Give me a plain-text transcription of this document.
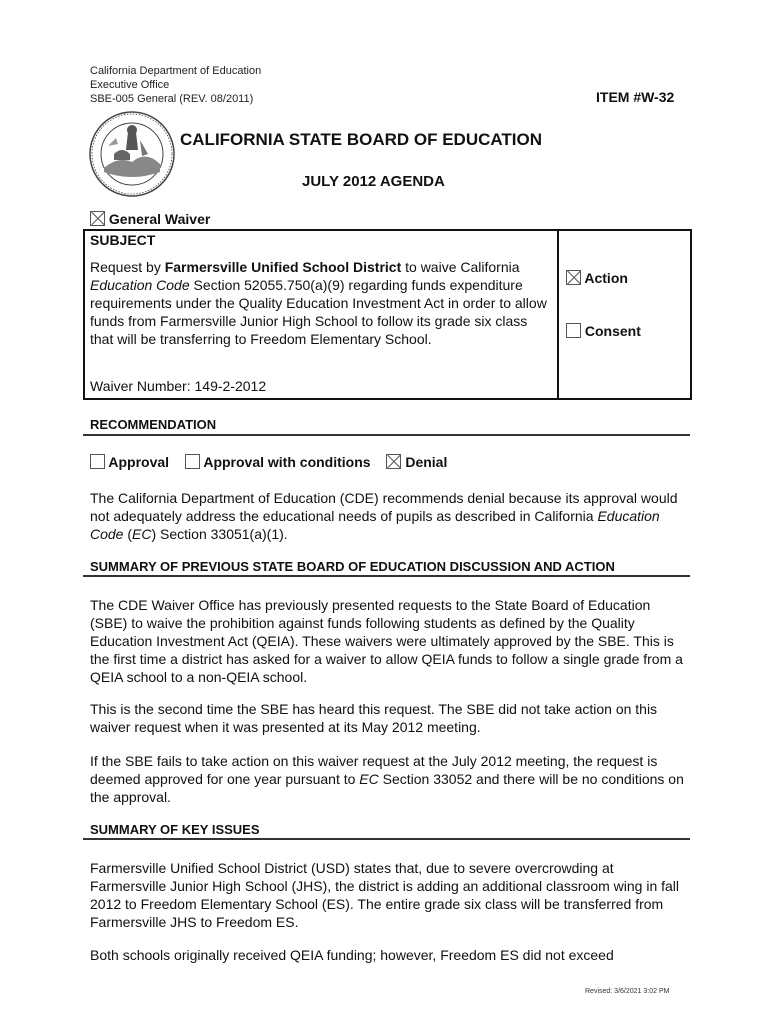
California Department of Education
Executive Office
SBE-005 General (REV. 08/2011)	ITEM #W-32
CALIFORNIA STATE BOARD OF EDUCATION
JULY 2012 AGENDA
General Waiver
SUBJECT
Request by Farmersville Unified School District to waive California Education Code Section 52055.750(a)(9) regarding funds expenditure requirements under the Quality Education Investment Act in order to allow funds from Farmersville Junior High School to follow its grade six class that will be transferring to Freedom Elementary School.
Waiver Number: 149-2-2012
Action
Consent
RECOMMENDATION
Approval Approval with conditions Denial
The California Department of Education (CDE) recommends denial because its approval would not adequately address the educational needs of pupils as described in California Education Code (EC) Section 33051(a)(1).
SUMMARY OF PREVIOUS STATE BOARD OF EDUCATION DISCUSSION AND ACTION
The CDE Waiver Office has previously presented requests to the State Board of Education (SBE) to waive the prohibition against funds following students as defined by the Quality Education Investment Act (QEIA). These waivers were ultimately approved by the SBE. This is the first time a district has asked for a waiver to allow QEIA funds to follow a single grade from a QEIA school to a non-QEIA school.
This is the second time the SBE has heard this request. The SBE did not take action on this waiver request when it was presented at its May 2012 meeting.
If the SBE fails to take action on this waiver request at the July 2012 meeting, the request is deemed approved for one year pursuant to EC Section 33052 and there will be no conditions on the approval.
SUMMARY OF KEY ISSUES
Farmersville Unified School District (USD) states that, due to severe overcrowding at Farmersville Junior High School (JHS), the district is adding an additional classroom wing in fall 2012 to Freedom Elementary School (ES). The entire grade six class will be transferred from Farmersville JHS to Freedom ES.
Both schools originally received QEIA funding; however, Freedom ES did not exceed
Revised: 3/6/2021 3:02 PM
